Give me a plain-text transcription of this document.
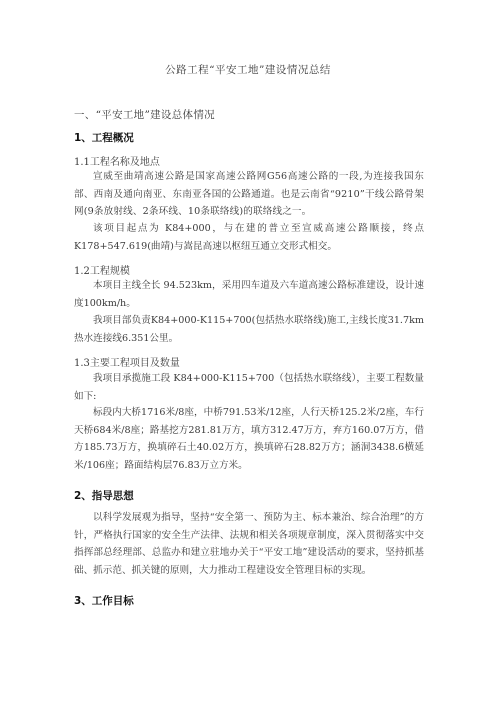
公路工程“平安工地”建设情况总结
一、“平安工地”建设总体情况
1、工程概况
1.1工程名称及地点
宣威至曲靖高速公路是国家高速公路网G56高速公路的一段,为连接我国东部、西南及通向南亚、东南亚各国的公路通道。也是云南省“9210”干线公路骨架网(9条放射线、2条环线、10条联络线)的联络线之一。
该项目起点为 K84+000，与在建的普立至宣威高速公路顺接，终点K178+547.619(曲靖)与嵩昆高速以枢纽互通立交形式相交。
1.2工程规模
本项目主线全长 94.523km，采用四车道及六车道高速公路标准建设，设计速度100km/h。
我项目部负责K84+000-K115+700(包括热水联络线)施工,主线长度31.7km热水连接线6.351公里。
1.3主要工程项目及数量
我项目承揽施工段 K84+000-K115+700（包括热水联络线），主要工程数量如下:
标段内大桥1716米/8座，中桥791.53米/12座，人行天桥125.2米/2座，车行天桥684米/8座；路基挖方281.81万方，填方312.47万方，弃方160.07万方，借方185.73万方，换填碎石土40.02万方，换填碎石28.82万方；涵洞3438.6横延米/106座；路面结构层76.83万立方米。
2、指导思想
以科学发展观为指导，坚持“安全第一、预防为主、标本兼治、综合治理”的方针，严格执行国家的安全生产法律、法规和相关各项规章制度，深入贯彻落实中交指挥部总经理部、总监办和建立驻地办关于“平安工地”建设活动的要求，坚持抓基础、抓示范、抓关键的原则，大力推动工程建设安全管理目标的实现。
3、工作目标
